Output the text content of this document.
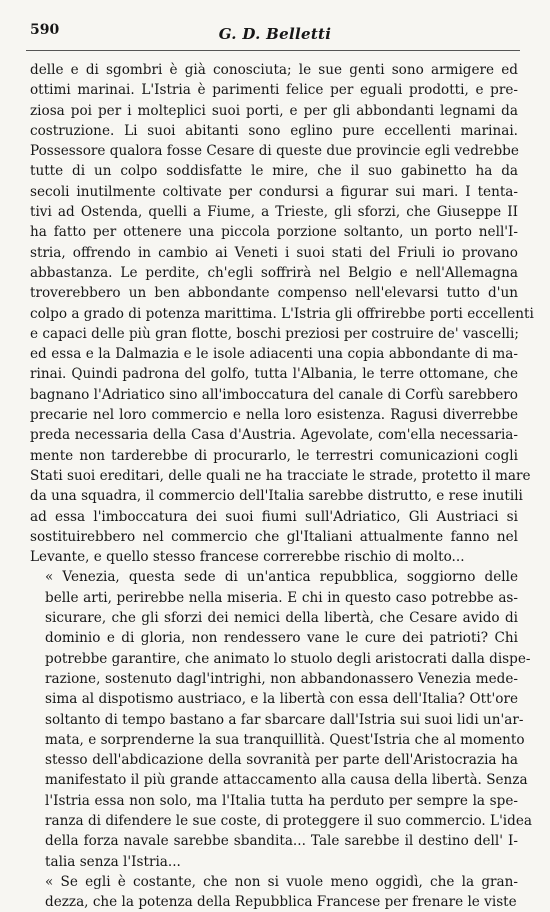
590	G. D. Belletti

delle e di sgombri è già conosciuta; le sue genti sono armigere ed
ottimi marinai. L'Istria è parimenti felice per eguali prodotti, e pre-
ziosa poi per i molteplici suoi porti, e per gli abbondanti legnami da
costruzione. Li suoi abitanti sono eglino pure eccellenti marinai.
Possessore qualora fosse Cesare di queste due provincie egli vedrebbe
tutte di un colpo soddisfatte le mire, che il suo gabinetto ha da
secoli inutilmente coltivate per condursi a figurar sui mari. I tenta-
tivi ad Ostenda, quelli a Fiume, a Trieste, gli sforzi, che Giuseppe II
ha fatto per ottenere una piccola porzione soltanto, un porto nell'I-
stria, offrendo in cambio ai Veneti i suoi stati del Friuli io provano
abbastanza. Le perdite, ch'egli soffrirà nel Belgio e nell'Allemagna
troverebbero un ben abbondante compenso nell'elevarsi tutto d'un
colpo a grado di potenza marittima. L'Istria gli offrirebbe porti eccellenti
e capaci delle più gran flotte, boschi preziosi per costruire de' vascelli;
ed essa e la Dalmazia e le isole adiacenti una copia abbondante di ma-
rinai. Quindi padrona del golfo, tutta l'Albania, le terre ottomane, che
bagnano l'Adriatico sino all'imboccatura del canale di Corfù sarebbero
precarie nel loro commercio e nella loro esistenza. Ragusi diverrebbe
preda necessaria della Casa d'Austria. Agevolate, com'ella necessaria-
mente non tarderebbe di procurarlo, le terrestri comunicazioni cogli
Stati suoi ereditari, delle quali ne ha tracciate le strade, protetto il mare
da una squadra, il commercio dell'Italia sarebbe distrutto, e rese inutili
ad essa l'imboccatura dei suoi fiumi sull'Adriatico, Gli Austriaci si
sostituirebbero nel commercio che gl'Italiani attualmente fanno nel
Levante, e quello stesso francese correrebbe rischio di molto...

« Venezia, questa sede di un'antica repubblica, soggiorno delle
belle arti, perirebbe nella miseria. E chi in questo caso potrebbe as-
sicurare, che gli sforzi dei nemici della libertà, che Cesare avido di
dominio e di gloria, non rendessero vane le cure dei patrioti? Chi
potrebbe garantire, che animato lo stuolo degli aristocrati dalla dispe-
razione, sostenuto dagl'intrighi, non abbandonassero Venezia mede-
sima al dispotismo austriaco, e la libertà con essa dell'Italia? Ott'ore
soltanto di tempo bastano a far sbarcare dall'Istria sui suoi lidi un'ar-
mata, e sorprenderne la sua tranquillità. Quest'Istria che al momento
stesso dell'abdicazione della sovranità per parte dell'Aristocrazia ha
manifestato il più grande attaccamento alla causa della libertà. Senza
l'Istria essa non solo, ma l'Italia tutta ha perduto per sempre la spe-
ranza di difendere le sue coste, di proteggere il suo commercio. L'idea
della forza navale sarebbe sbandita... Tale sarebbe il destino dell' I-
talia senza l'Istria...

« Se egli è costante, che non si vuole meno oggidì, che la gran-
dezza, che la potenza della Repubblica Francese per frenare le viste
